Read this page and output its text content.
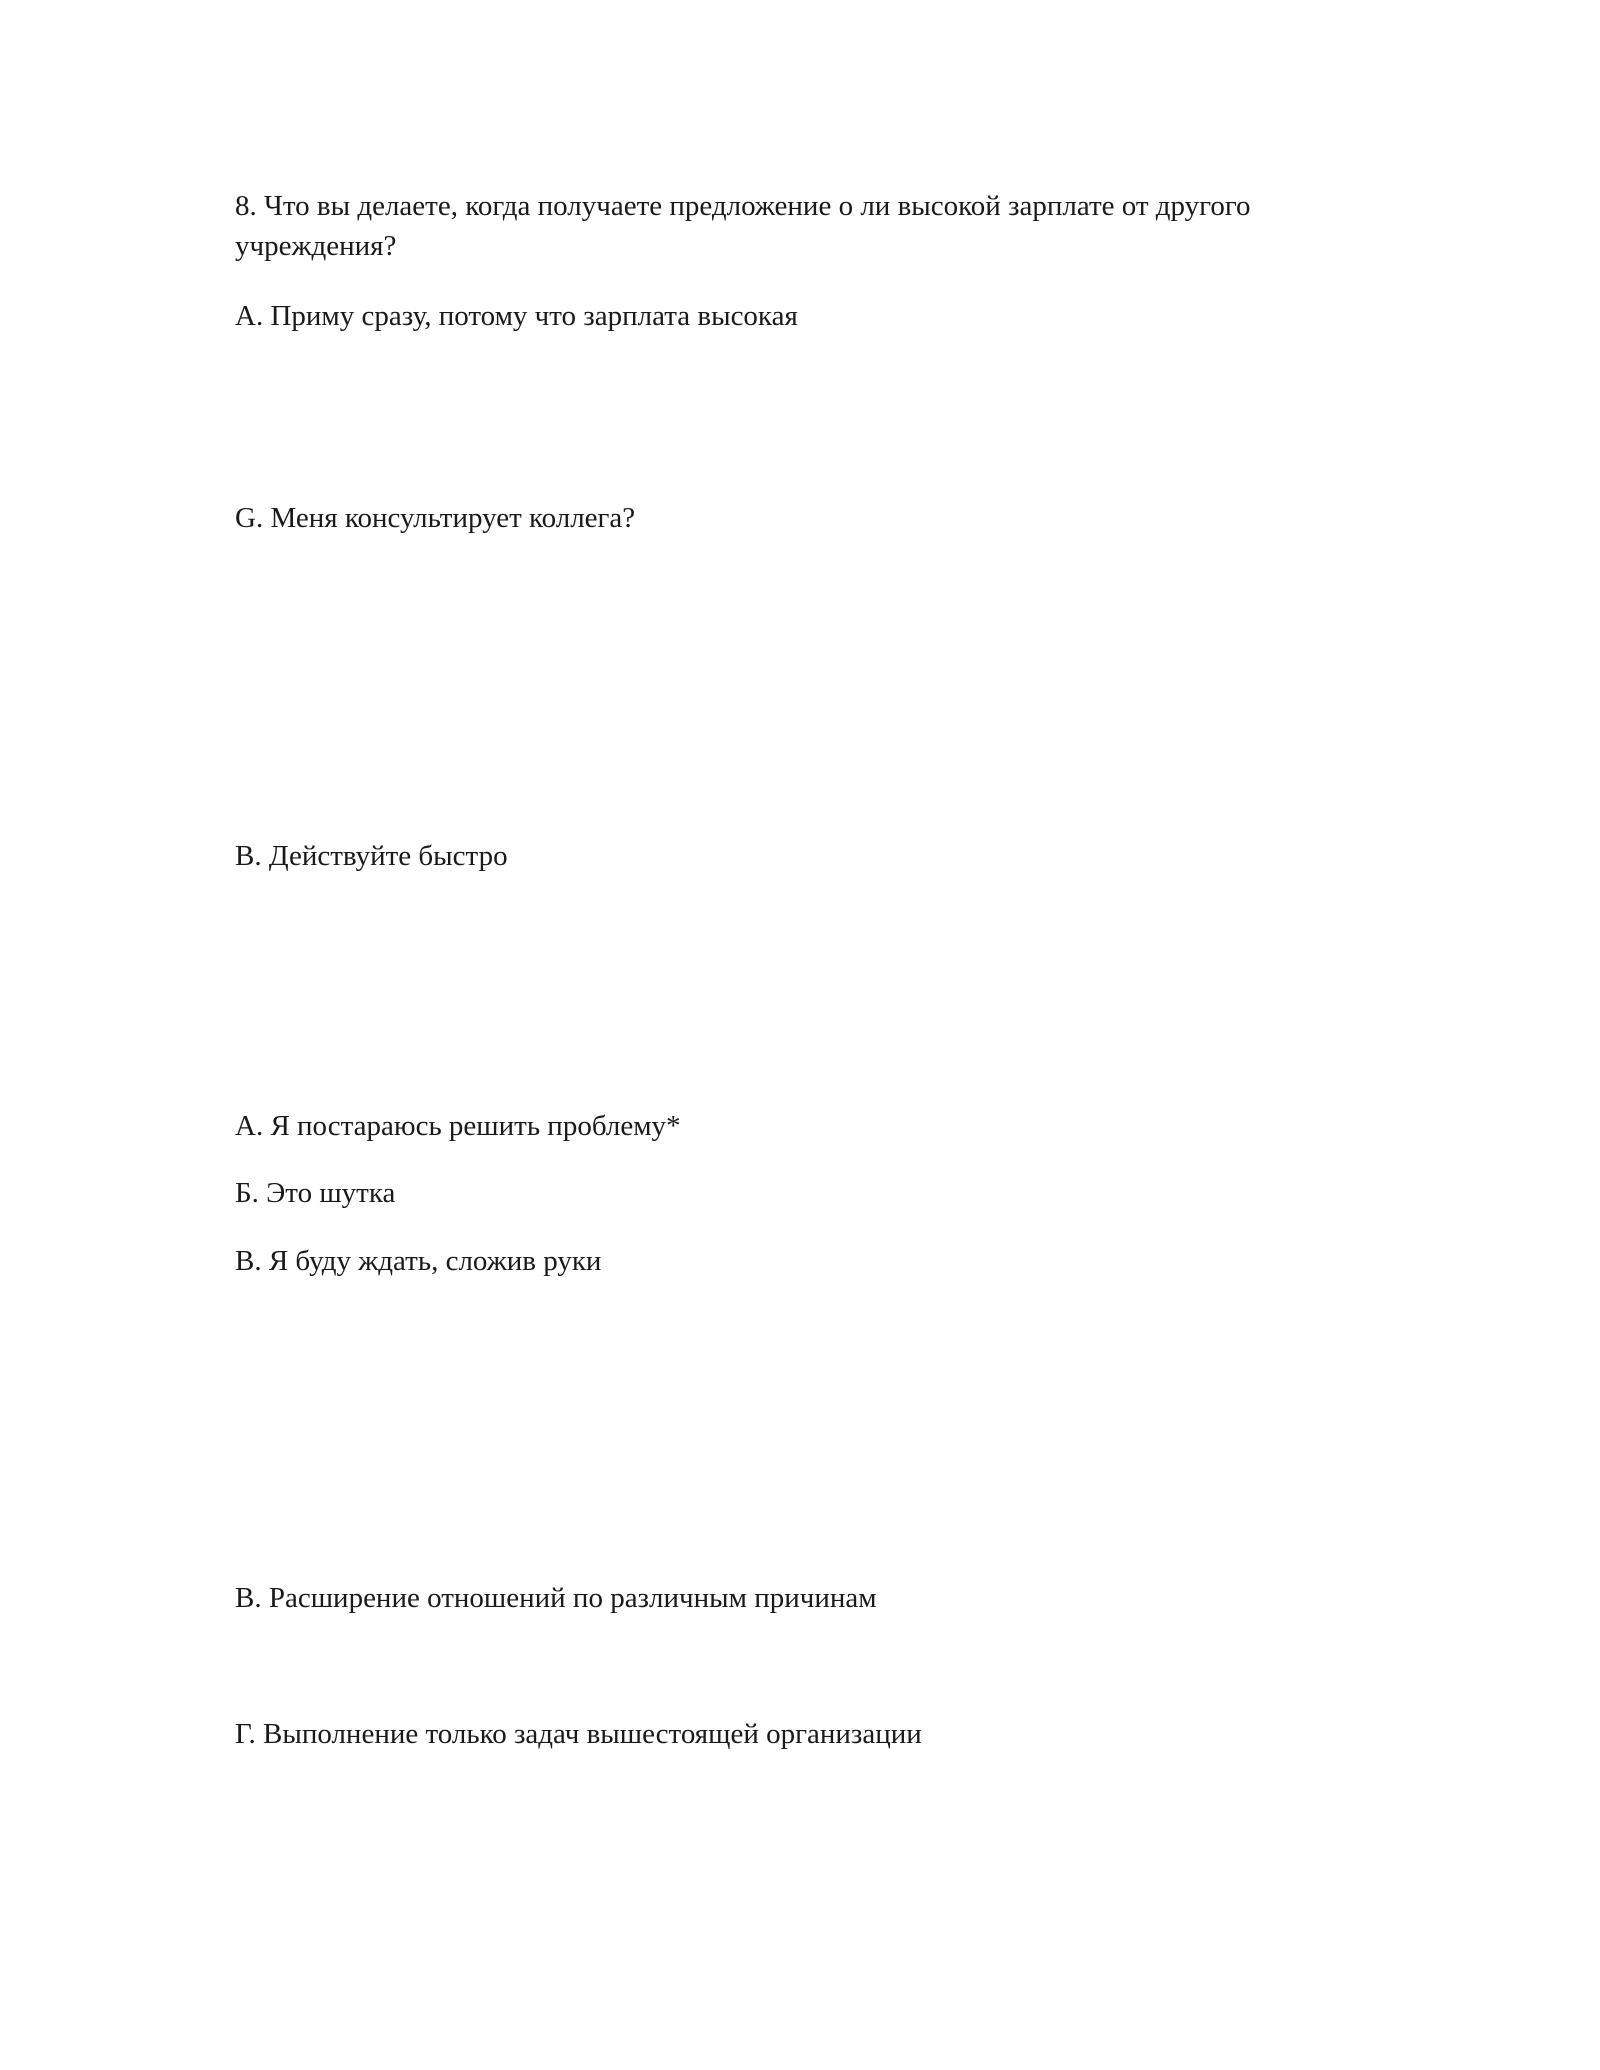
8. Что вы делаете, когда получаете предложение о ли высокой зарплате от другого
учреждения?
А. Приму сразу, потому что зарплата высокая
G. Меня консультирует коллега?
В. Действуйте быстро
А. Я постараюсь решить проблему*
Б. Это шутка
В. Я буду ждать, сложив руки
В. Расширение отношений по различным причинам
Г. Выполнение только задач вышестоящей организации
